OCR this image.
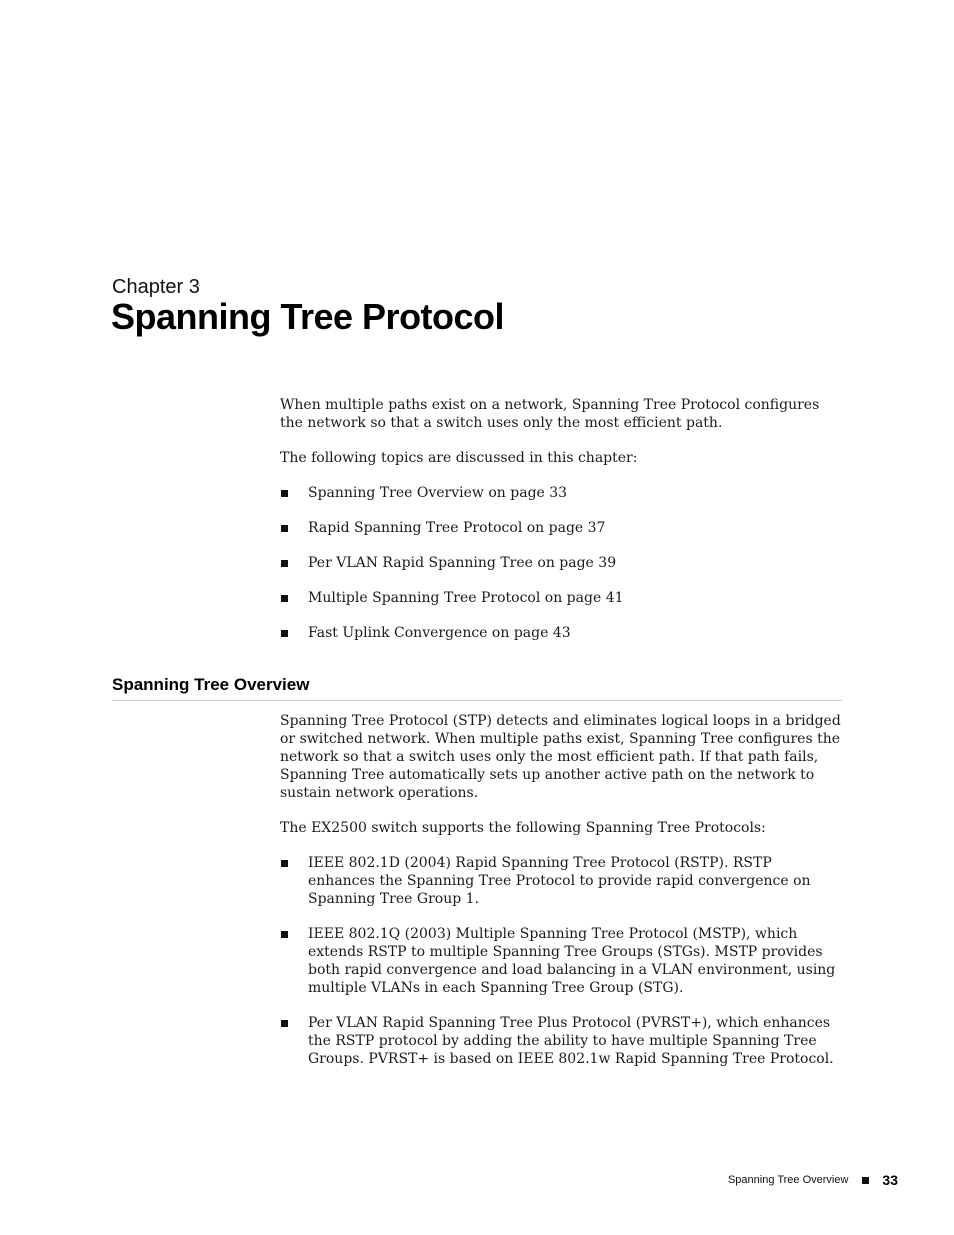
Chapter 3
Spanning Tree Protocol

When multiple paths exist on a network, Spanning Tree Protocol configures the network so that a switch uses only the most efficient path.

The following topics are discussed in this chapter:

Spanning Tree Overview on page 33
Rapid Spanning Tree Protocol on page 37
Per VLAN Rapid Spanning Tree on page 39
Multiple Spanning Tree Protocol on page 41
Fast Uplink Convergence on page 43
Spanning Tree Overview

Spanning Tree Protocol (STP) detects and eliminates logical loops in a bridged or switched network. When multiple paths exist, Spanning Tree configures the network so that a switch uses only the most efficient path. If that path fails, Spanning Tree automatically sets up another active path on the network to sustain network operations.

The EX2500 switch supports the following Spanning Tree Protocols:

IEEE 802.1D (2004) Rapid Spanning Tree Protocol (RSTP). RSTP enhances the Spanning Tree Protocol to provide rapid convergence on Spanning Tree Group 1.
IEEE 802.1Q (2003) Multiple Spanning Tree Protocol (MSTP), which extends RSTP to multiple Spanning Tree Groups (STGs). MSTP provides both rapid convergence and load balancing in a VLAN environment, using multiple VLANs in each Spanning Tree Group (STG).
Per VLAN Rapid Spanning Tree Plus Protocol (PVRST+), which enhances the RSTP protocol by adding the ability to have multiple Spanning Tree Groups. PVRST+ is based on IEEE 802.1w Rapid Spanning Tree Protocol.
Spanning Tree Overview 33
